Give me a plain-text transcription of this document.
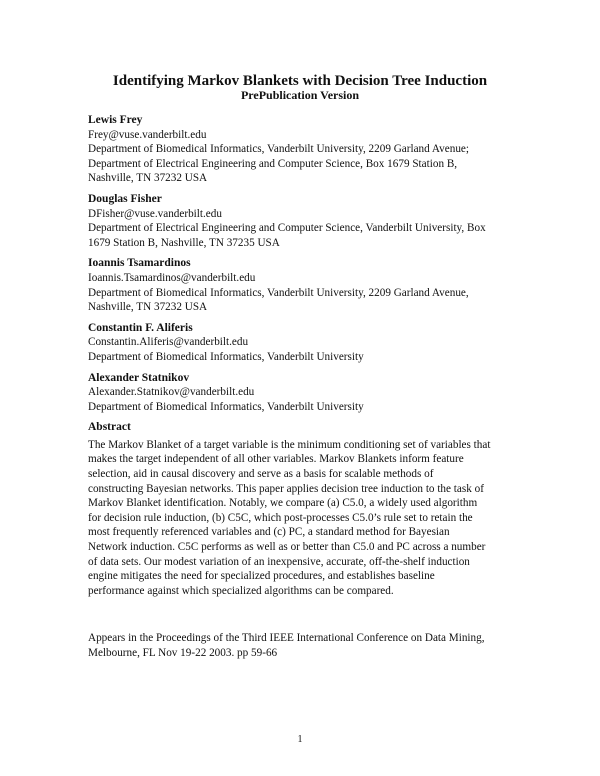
Identifying Markov Blankets with Decision Tree Induction
PrePublication Version
Lewis Frey
Frey@vuse.vanderbilt.edu
Department of Biomedical Informatics, Vanderbilt University, 2209 Garland Avenue;
Department of Electrical Engineering and Computer Science, Box 1679 Station B,
Nashville, TN 37232 USA
Douglas Fisher
DFisher@vuse.vanderbilt.edu
Department of Electrical Engineering and Computer Science, Vanderbilt University, Box
1679 Station B, Nashville, TN 37235 USA
Ioannis Tsamardinos
Ioannis.Tsamardinos@vanderbilt.edu
Department of Biomedical Informatics, Vanderbilt University, 2209 Garland Avenue,
Nashville, TN 37232 USA
Constantin F. Aliferis
Constantin.Aliferis@vanderbilt.edu
Department of Biomedical Informatics, Vanderbilt University
Alexander Statnikov
Alexander.Statnikov@vanderbilt.edu
Department of Biomedical Informatics, Vanderbilt University
Abstract
The Markov Blanket of a target variable is the minimum conditioning set of variables that
makes the target independent of all other variables. Markov Blankets inform feature
selection, aid in causal discovery and serve as a basis for scalable methods of
constructing Bayesian networks. This paper applies decision tree induction to the task of
Markov Blanket identification. Notably, we compare (a) C5.0, a widely used algorithm
for decision rule induction, (b) C5C, which post-processes C5.0’s rule set to retain the
most frequently referenced variables and (c) PC, a standard method for Bayesian
Network induction. C5C performs as well as or better than C5.0 and PC across a number
of data sets. Our modest variation of an inexpensive, accurate, off-the-shelf induction
engine mitigates the need for specialized procedures, and establishes baseline
performance against which specialized algorithms can be compared.
Appears in the Proceedings of the Third IEEE International Conference on Data Mining,
Melbourne, FL Nov 19-22 2003. pp 59-66
1
